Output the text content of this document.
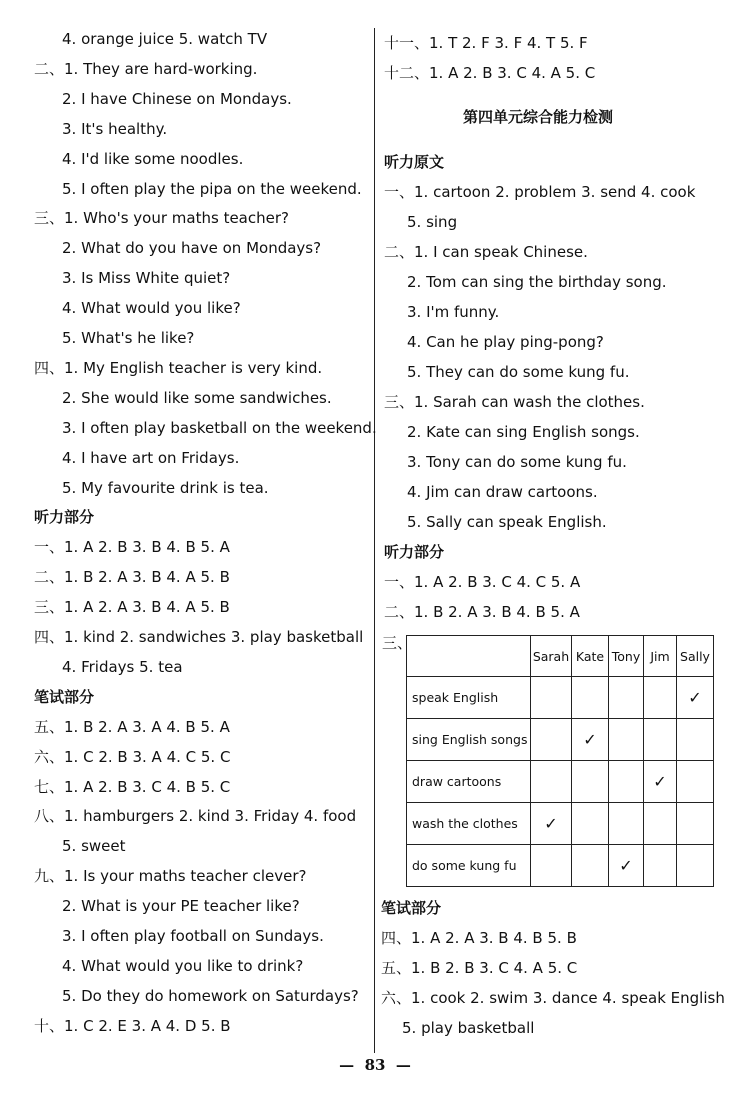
4. orange juice 5. watch TV
二、1. They are hard-working.
2. I have Chinese on Mondays.
3. It's healthy.
4. I'd like some noodles.
5. I often play the pipa on the weekend.
三、1. Who's your maths teacher?
2. What do you have on Mondays?
3. Is Miss White quiet?
4. What would you like?
5. What's he like?
四、1. My English teacher is very kind.
2. She would like some sandwiches.
3. I often play basketball on the weekend.
4. I have art on Fridays.
5. My favourite drink is tea.
听力部分
一、1. A 2. B 3. B 4. B 5. A
二、1. B 2. A 3. B 4. A 5. B
三、1. A 2. A 3. B 4. A 5. B
四、1. kind 2. sandwiches 3. play basketball
4. Fridays 5. tea
笔试部分
五、1. B 2. A 3. A 4. B 5. A
六、1. C 2. B 3. A 4. C 5. C
七、1. A 2. B 3. C 4. B 5. C
八、1. hamburgers 2. kind 3. Friday 4. food
5. sweet
九、1. Is your maths teacher clever?
2. What is your PE teacher like?
3. I often play football on Sundays.
4. What would you like to drink?
5. Do they do homework on Saturdays?
十、1. C 2. E 3. A 4. D 5. B
十一、1. T 2. F 3. F 4. T 5. F
十二、1. A 2. B 3. C 4. A 5. C
第四单元综合能力检测
听力原文
一、1. cartoon 2. problem 3. send 4. cook
5. sing
二、1. I can speak Chinese.
2. Tom can sing the birthday song.
3. I'm funny.
4. Can he play ping-pong?
5. They can do some kung fu.
三、1. Sarah can wash the clothes.
2. Kate can sing English songs.
3. Tony can do some kung fu.
4. Jim can draw cartoons.
5. Sally can speak English.
听力部分
一、1. A 2. B 3. C 4. C 5. A
二、1. B 2. A 3. B 4. B 5. A
三、
	Sarah	Kate	Tony	Jim	Sally
speak English					✓
sing English songs		✓			
draw cartoons				✓	
wash the clothes	✓				
do some kung fu			✓		
笔试部分
四、1. A 2. A 3. B 4. B 5. B
五、1. B 2. B 3. C 4. A 5. C
六、1. cook 2. swim 3. dance 4. speak English
5. play basketball
—  83  —
